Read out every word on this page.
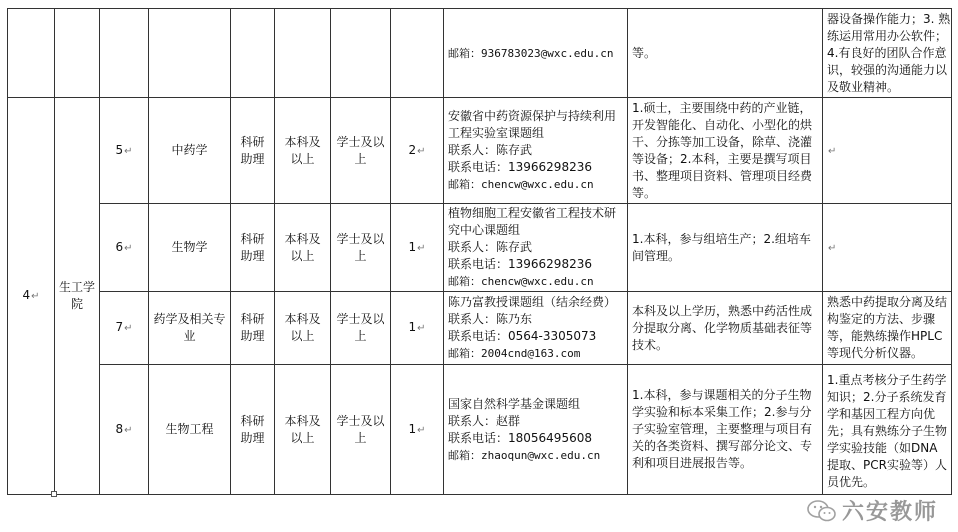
								邮箱：936783023@wxc.edu.cn	等。	器设备操作能力；3. 熟
练运用常用办公软件；
4.有良好的团队合作意
识，较强的沟通能力以
及敬业精神。

4↵	生工学院	5↵	中药学	科研助理	本科及以上	学士及以上	2↵	安徽省中药资源保护与持续利用工程实验室课题组
联系人：陈存武
联系电话：13966298236
邮箱：chencw@wxc.edu.cn	1.硕士，主要围绕中药的产业链，开发智能化、自动化、小型化的烘干、分拣等加工设备，除草、浇灌等设备；2.本科，主要是撰写项目书、整理项目资料、管理项目经费等。	↵
		6↵	生物学	科研助理	本科及以上	学士及以上	1↵	植物细胞工程安徽省工程技术研究中心课题组
联系人：陈存武
联系电话：13966298236
邮箱：chencw@wxc.edu.cn	1.本科，参与组培生产；2.组培车间管理。	↵
		7↵	药学及相关专业	科研助理	本科及以上	学士及以上	1↵	陈乃富教授课题组（结余经费）
联系人：陈乃东
联系电话：0564-3305073
邮箱：2004cnd@163.com	本科及以上学历，熟悉中药活性成分提取分离、化学物质基础表征等技术。	熟悉中药提取分离及结构鉴定的方法、步骤等，能熟练操作HPLC等现代分析仪器。

		8↵	生物工程	科研助理	本科及以上	学士及以上	1↵	国家自然科学基金课题组
联系人：赵群
联系电话：18056495608
邮箱：zhaoqun@wxc.edu.cn	1.本科，参与课题相关的分子生物学实验和标本采集工作；2.参与分子实验室管理，主要整理与项目有关的各类资料、撰写部分论文、专利和项目进展报告等。	1.重点考核分子生药学知识；2.分子系统发育学和基因工程方向优先；具有熟练分子生物学实验技能（如DNA提取、PCR实验等）人员优先。
六安教师
